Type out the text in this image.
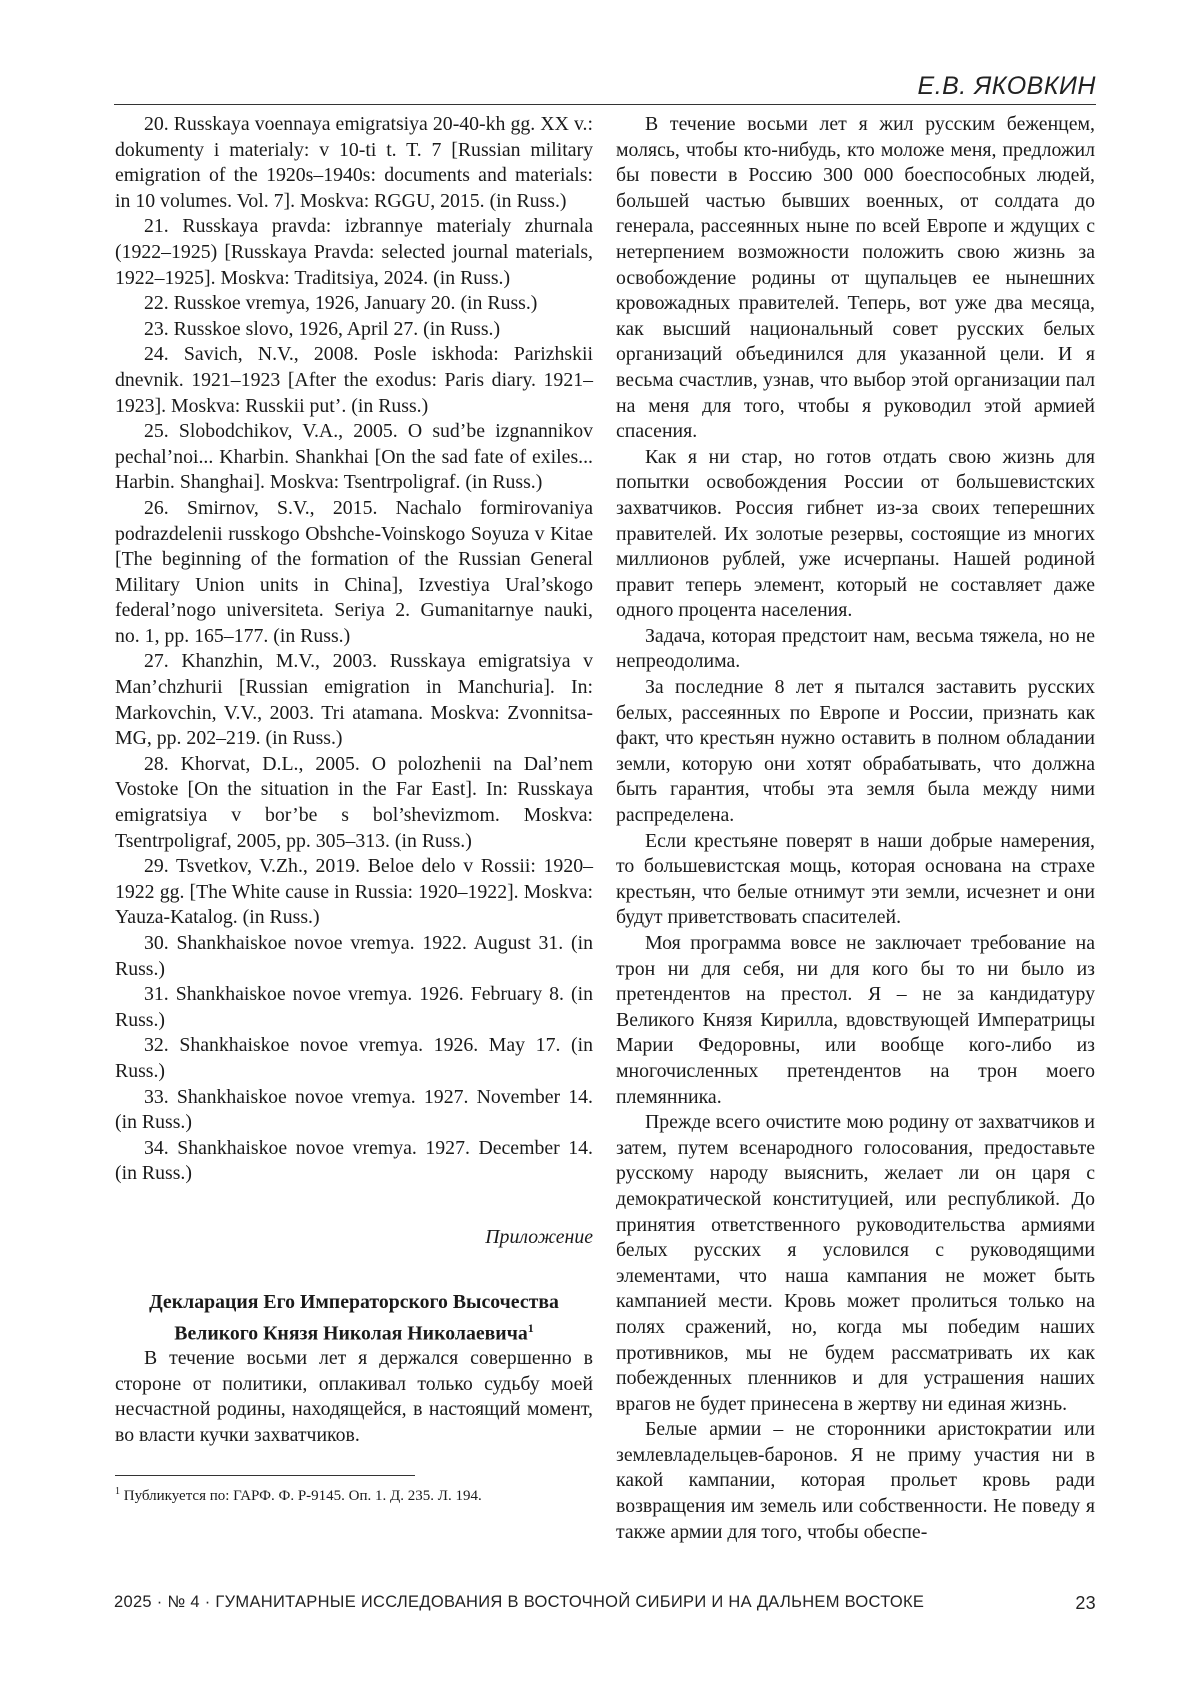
Е.В. ЯКОВКИН

20. Russkaya voennaya emigratsiya 20-40-kh gg. XX v.: dokumenty i materialy: v 10-ti t. T. 7 [Russian military emigration of the 1920s–1940s: documents and materials: in 10 volumes. Vol. 7]. Moskva: RGGU, 2015. (in Russ.)

21. Russkaya pravda: izbrannye materialy zhurnala (1922–1925) [Russkaya Pravda: selected journal materials, 1922–1925]. Moskva: Traditsiya, 2024. (in Russ.)

22. Russkoe vremya, 1926, January 20. (in Russ.)

23. Russkoe slovo, 1926, April 27. (in Russ.)

24. Savich, N.V., 2008. Posle iskhoda: Parizhskii dnevnik. 1921–1923 [After the exodus: Paris diary. 1921–1923]. Moskva: Russkii put’. (in Russ.)

25. Slobodchikov, V.A., 2005. O sud’be izgnannikov pechal’noi... Kharbin. Shankhai [On the sad fate of exiles... Harbin. Shanghai]. Moskva: Tsentrpoligraf. (in Russ.)

26. Smirnov, S.V., 2015. Nachalo formirovaniya podrazdelenii russkogo Obshche-Voinskogo Soyuza v Kitae [The beginning of the formation of the Russian General Military Union units in China], Izvestiya Ural’skogo federal’nogo universiteta. Seriya 2. Gumanitarnye nauki, no. 1, pp. 165–177. (in Russ.)

27. Khanzhin, M.V., 2003. Russkaya emigratsiya v Man’chzhurii [Russian emigration in Manchuria]. In: Markovchin, V.V., 2003. Tri atamana. Moskva: Zvonnitsa-MG, pp. 202–219. (in Russ.)

28. Khorvat, D.L., 2005. O polozhenii na Dal’nem Vostoke [On the situation in the Far East]. In: Russkaya emigratsiya v bor’be s bol’shevizmom. Moskva: Tsentrpoligraf, 2005, pp. 305–313. (in Russ.)

29. Tsvetkov, V.Zh., 2019. Beloe delo v Rossii: 1920–1922 gg. [The White cause in Russia: 1920–1922]. Moskva: Yauza-Katalog. (in Russ.)

30. Shankhaiskoe novoe vremya. 1922. August 31. (in Russ.)

31. Shankhaiskoe novoe vremya. 1926. February 8. (in Russ.)

32. Shankhaiskoe novoe vremya. 1926. May 17. (in Russ.)

33. Shankhaiskoe novoe vremya. 1927. November 14. (in Russ.)

34. Shankhaiskoe novoe vremya. 1927. December 14. (in Russ.)

Приложение

Декларация Его Императорского Высочества Великого Князя Николая Николаевича$^1$

В течение восьми лет я держался совершенно в стороне от политики, оплакивал только судьбу моей несчастной родины, находящейся, в настоящий момент, во власти кучки захватчиков.

$^1$ Публикуется по: ГАРФ. Ф. Р-9145. Оп. 1. Д. 235. Л. 194.

В течение восьми лет я жил русским беженцем, молясь, чтобы кто-нибудь, кто моложе меня, предложил бы повести в Россию 300 000 боеспособных людей, большей частью бывших военных, от солдата до генерала, рассеянных ныне по всей Европе и ждущих с нетерпением возможности положить свою жизнь за освобождение родины от щупальцев ее нынешних кровожадных правителей. Теперь, вот уже два месяца, как высший национальный совет русских белых организаций объединился для указанной цели. И я весьма счастлив, узнав, что выбор этой организации пал на меня для того, чтобы я руководил этой армией спасения.

Как я ни стар, но готов отдать свою жизнь для попытки освобождения России от большевистских захватчиков. Россия гибнет из-за своих теперешних правителей. Их золотые резервы, состоящие из многих миллионов рублей, уже исчерпаны. Нашей родиной правит теперь элемент, который не составляет даже одного процента населения.

Задача, которая предстоит нам, весьма тяжела, но не непреодолима.

За последние 8 лет я пытался заставить русских белых, рассеянных по Европе и России, признать как факт, что крестьян нужно оставить в полном обладании земли, которую они хотят обрабатывать, что должна быть гарантия, чтобы эта земля была между ними распределена.

Если крестьяне поверят в наши добрые намерения, то большевистская мощь, которая основана на страхе крестьян, что белые отнимут эти земли, исчезнет и они будут приветствовать спасителей.

Моя программа вовсе не заключает требование на трон ни для себя, ни для кого бы то ни было из претендентов на престол. Я – не за кандидатуру Великого Князя Кирилла, вдовствующей Императрицы Марии Федоровны, или вообще кого-либо из многочисленных претендентов на трон моего племянника.

Прежде всего очистите мою родину от захватчиков и затем, путем всенародного голосования, предоставьте русскому народу выяснить, желает ли он царя с демократической конституцией, или республикой. До принятия ответственного руководительства армиями белых русских я условился с руководящими элементами, что наша кампания не может быть кампанией мести. Кровь может пролиться только на полях сражений, но, когда мы победим наших противников, мы не будем рассматривать их как побежденных пленников и для устрашения наших врагов не будет принесена в жертву ни единая жизнь.

Белые армии – не сторонники аристократии или землевладельцев-баронов. Я не приму участия ни в какой кампании, которая прольет кровь ради возвращения им земель или собственности. Не поведу я также армии для того, чтобы обеспе-

2025 · № 4 · ГУМАНИТАРНЫЕ ИССЛЕДОВАНИЯ В ВОСТОЧНОЙ СИБИРИ И НА ДАЛЬНЕМ ВОСТОКЕ	23
